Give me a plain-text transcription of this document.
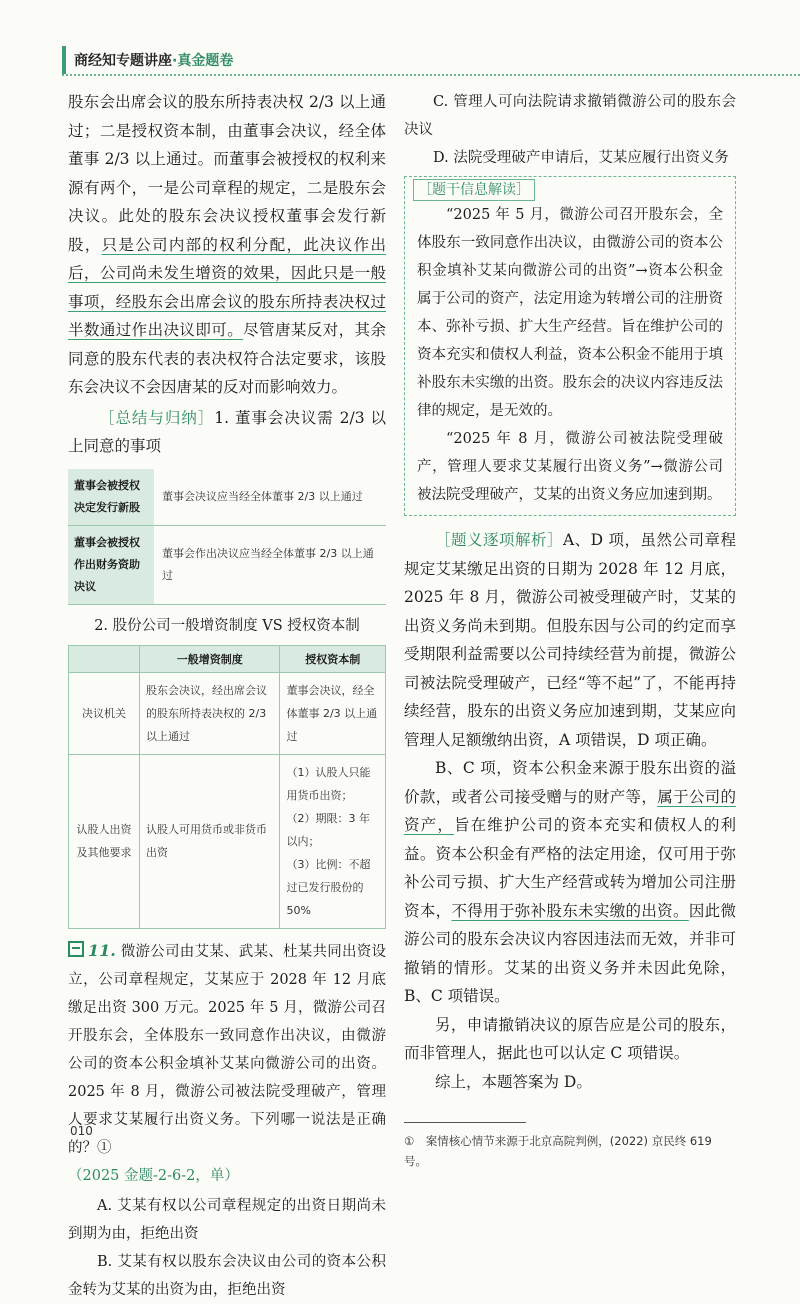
商经知专题讲座·真金题卷

股东会出席会议的股东所持表决权 2/3 以上通过；二是授权资本制，由董事会决议，经全体董事 2/3 以上通过。而董事会被授权的权利来源有两个，一是公司章程的规定，二是股东会决议。此处的股东会决议授权董事会发行新股，只是公司内部的权利分配，此决议作出后，公司尚未发生增资的效果，因此只是一般事项，经股东会出席会议的股东所持表决权过半数通过作出决议即可。尽管唐某反对，其余同意的股东代表的表决权符合法定要求，该股东会决议不会因唐某的反对而影响效力。

［总结与归纳］1. 董事会决议需 2/3 以上同意的事项

董事会被授权决定发行新股	董事会决议应当经全体董事 2/3 以上通过
董事会被授权作出财务资助决议	董事会作出决议应当经全体董事 2/3 以上通过

2. 股份公司一般增资制度 VS 授权资本制

	一般增资制度	授权资本制
决议机关	股东会决议，经出席会议的股东所持表决权的 2/3 以上通过	董事会决议，经全体董事 2/3 以上通过
认股人出资及其他要求	认股人可用货币或非货币出资	（1）认股人只能用货币出资；
（2）期限：3 年以内；
（3）比例：不超过已发行股份的 50%

11. 微游公司由艾某、武某、杜某共同出资设立，公司章程规定，艾某应于 2028 年 12 月底缴足出资 300 万元。2025 年 5 月，微游公司召开股东会，全体股东一致同意作出决议，由微游公司的资本公积金填补艾某向微游公司的出资。2025 年 8 月，微游公司被法院受理破产，管理人要求艾某履行出资义务。下列哪一说法是正确的？①

（2025 金题-2-6-2，单）

A. 艾某有权以公司章程规定的出资日期尚未到期为由，拒绝出资

B. 艾某有权以股东会决议由公司的资本公积金转为艾某的出资为由，拒绝出资

C. 管理人可向法院请求撤销微游公司的股东会决议

D. 法院受理破产申请后，艾某应履行出资义务

［题干信息解读］

“2025 年 5 月，微游公司召开股东会，全体股东一致同意作出决议，由微游公司的资本公积金填补艾某向微游公司的出资”→资本公积金属于公司的资产，法定用途为转增公司的注册资本、弥补亏损、扩大生产经营。旨在维护公司的资本充实和债权人利益，资本公积金不能用于填补股东未实缴的出资。股东会的决议内容违反法律的规定，是无效的。

“2025 年 8 月，微游公司被法院受理破产，管理人要求艾某履行出资义务”→微游公司被法院受理破产，艾某的出资义务应加速到期。

［题义逐项解析］A、D 项，虽然公司章程规定艾某缴足出资的日期为 2028 年 12 月底，2025 年 8 月，微游公司被受理破产时，艾某的出资义务尚未到期。但股东因与公司的约定而享受期限利益需要以公司持续经营为前提，微游公司被法院受理破产，已经“等不起”了，不能再持续经营，股东的出资义务应加速到期，艾某应向管理人足额缴纳出资，A 项错误，D 项正确。

B、C 项，资本公积金来源于股东出资的溢价款，或者公司接受赠与的财产等，属于公司的资产，旨在维护公司的资本充实和债权人的利益。资本公积金有严格的法定用途，仅可用于弥补公司亏损、扩大生产经营或转为增加公司注册资本，不得用于弥补股东未实缴的出资。因此微游公司的股东会决议内容因违法而无效，并非可撤销的情形。艾某的出资义务并未因此免除，B、C 项错误。

另，申请撤销决议的原告应是公司的股东，而非管理人，据此也可以认定 C 项错误。

综上，本题答案为 D。

①　案情核心情节来源于北京高院判例，(2022) 京民终 619 号。

010
